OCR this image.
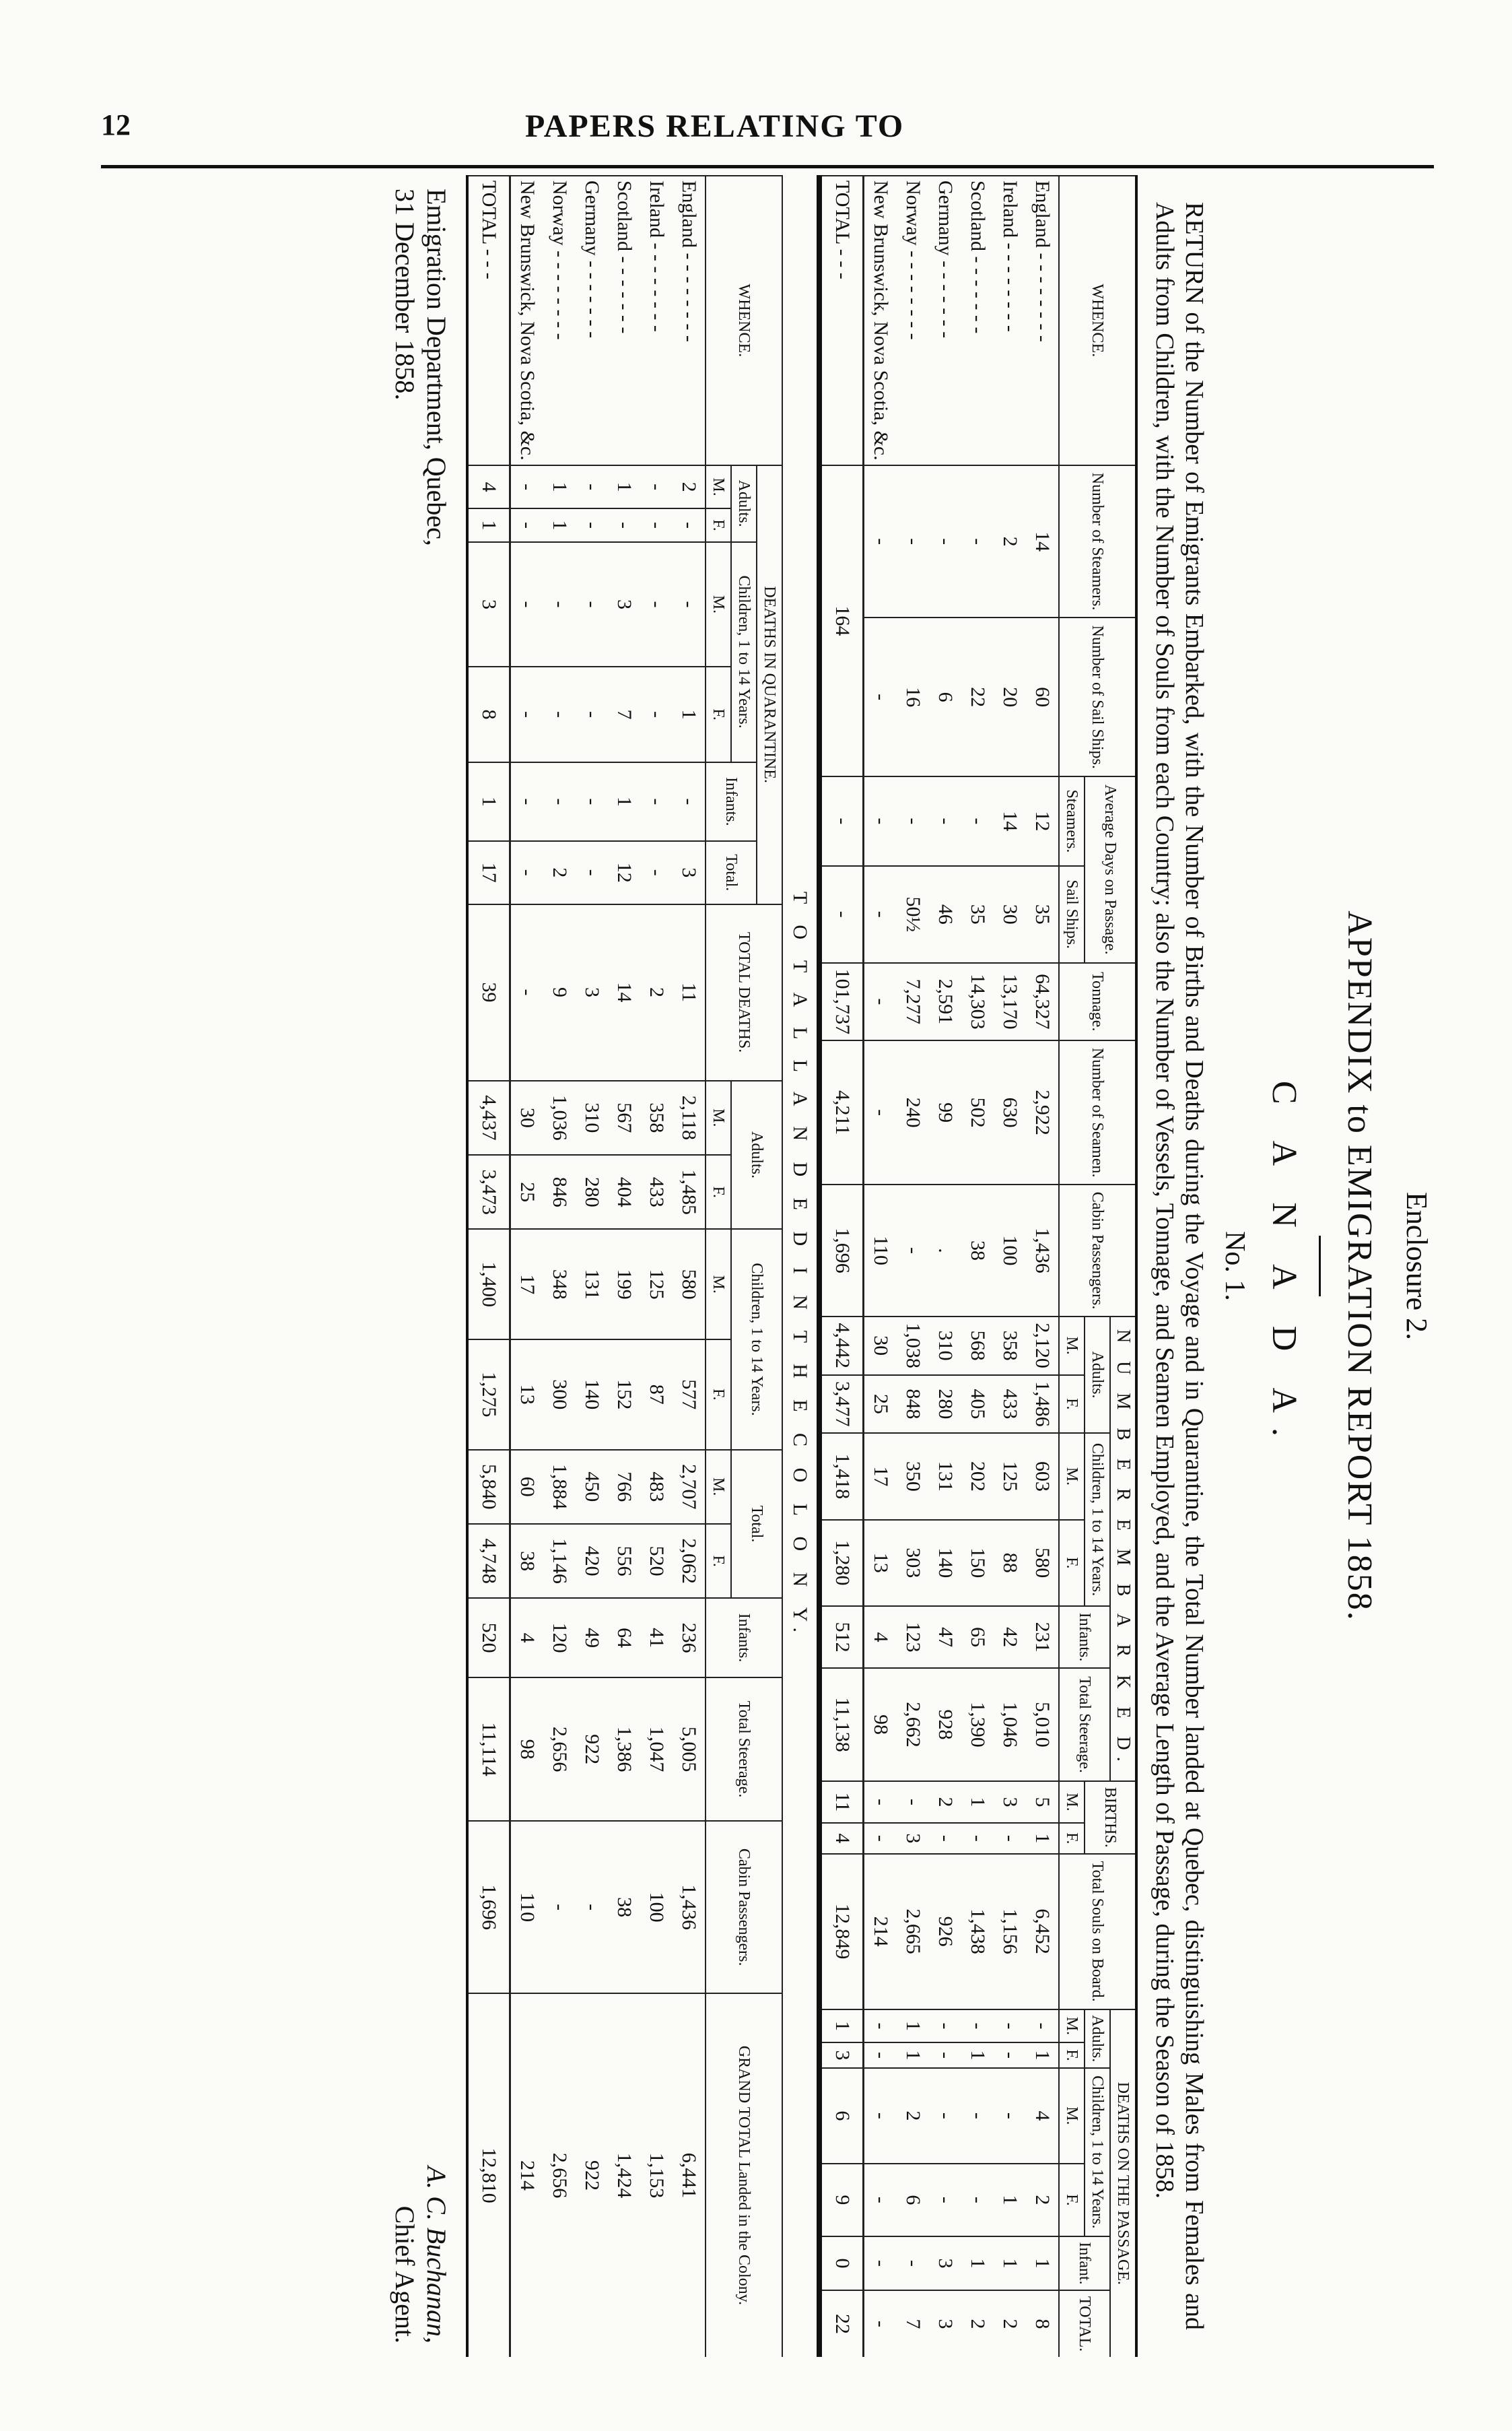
12	PAPERS RELATING TO
Enclosure 2.
APPENDIX to EMIGRATION REPORT 1858.
C A N A D A.
No. 1.
RETURN of the Number of Emigrants Embarked, with the Number of Births and Deaths during the Voyage and in Quarantine, the Total Number landed at Quebec, distinguishing Males from Females and Adults from Children, with the Number of Souls from each Country; also the Number of Vessels, Tonnage, and Seamen Employed, and the Average Length of Passage, during the Season of 1858.
WHENCE.	Number of Steamers.	Number of Sail Ships.	Average Days on Passage.		Tonnage.	Number of Seamen.	Cabin Passengers.	N U M B E R E M B A R K E D.						BIRTHS.		Total Souls on Board.	DEATHS ON THE PASSAGE.					
								Adults.		Children, 1 to 14 Years.		Infants.	Total Steerage.				Adults.		Children, 1 to 14 Years.		Infant.	TOTAL.
			Steamers.	Sail Ships.				M.	F.	M.	F.			M.	F.		M.	F.	M.	F.		
England - - - - - - - -	14	60	12	35	64,327	2,922	1,436	2,120	1,486	603	580	231	5,010	5	1	6,452	-	1	4	2	1	8
Ireland - - - - - - - -	2	20	14	30	13,170	630	100	358	433	125	88	42	1,046	3	-	1,156	-	-	-	1	1	2
Scotland - - - - - - -	-	22	-	35	14,303	502	38	568	405	202	150	65	1,390	1	-	1,438	-	1	-	-	1	2
Germany - - - - - - -	-	6	-	46	2,591	99	.	310	280	131	140	47	928	2	-	926	-	-	-	-	3	3
Norway - - - - - - - -	-	16	-	50½	7,277	240	-	1,038	848	350	303	123	2,662	-	3	2,665	1	1	2	6	-	7
New Brunswick, Nova Scotia, &c.	-	-	-	-	-	-	110	30	25	17	13	4	98	-	-	214	-	-	-	-	-	-
TOTAL - - -	164		-	-	101,737	4,211	1,696	4,442	3,477	1,418	1,280	512	11,138	11	4	12,849	1	3	6	9	0	22
T O T A L L A N D E D I N T H E C O L O N Y.
WHENCE.	DEATHS IN QUARANTINE.						TOTAL DEATHS.	Adults.		Children, 1 to 14 Years.		Total.		Infants.	Total Steerage.	Cabin Passengers.	GRAND TOTAL Landed in the Colony.
	Adults.		Children, 1 to 14 Years.		Infants.	Total.											
	M.	F.	M.	F.				M.	F.	M.	F.	M.	F.				
England - - - - - - - -	2	-	-	1	-	3	11	2,118	1,485	580	577	2,707	2,062	236	5,005	1,436	6,441
Ireland - - - - - - - -	-	-	-	-	-	-	2	358	433	125	87	483	520	41	1,047	100	1,153
Scotland - - - - - - -	1	-	3	7	1	12	14	567	404	199	152	766	556	64	1,386	38	1,424
Germany - - - - - - -	-	-	-	-	-	-	3	310	280	131	140	450	420	49	922	-	922
Norway - - - - - - - -	1	1	-	-	-	2	9	1,036	846	348	300	1,884	1,146	120	2,656	-	2,656
New Brunswick, Nova Scotia, &c.	-	-	-	-	-	-	-	30	25	17	13	60	38	4	98	110	214
TOTAL - - -	4	1	3	8	1	17	39	4,437	3,473	1,400	1,275	5,840	4,748	520	11,114	1,696	12,810
Emigration Department, Quebec,
31 December 1858.
A. C. Buchanan,
Chief Agent.
